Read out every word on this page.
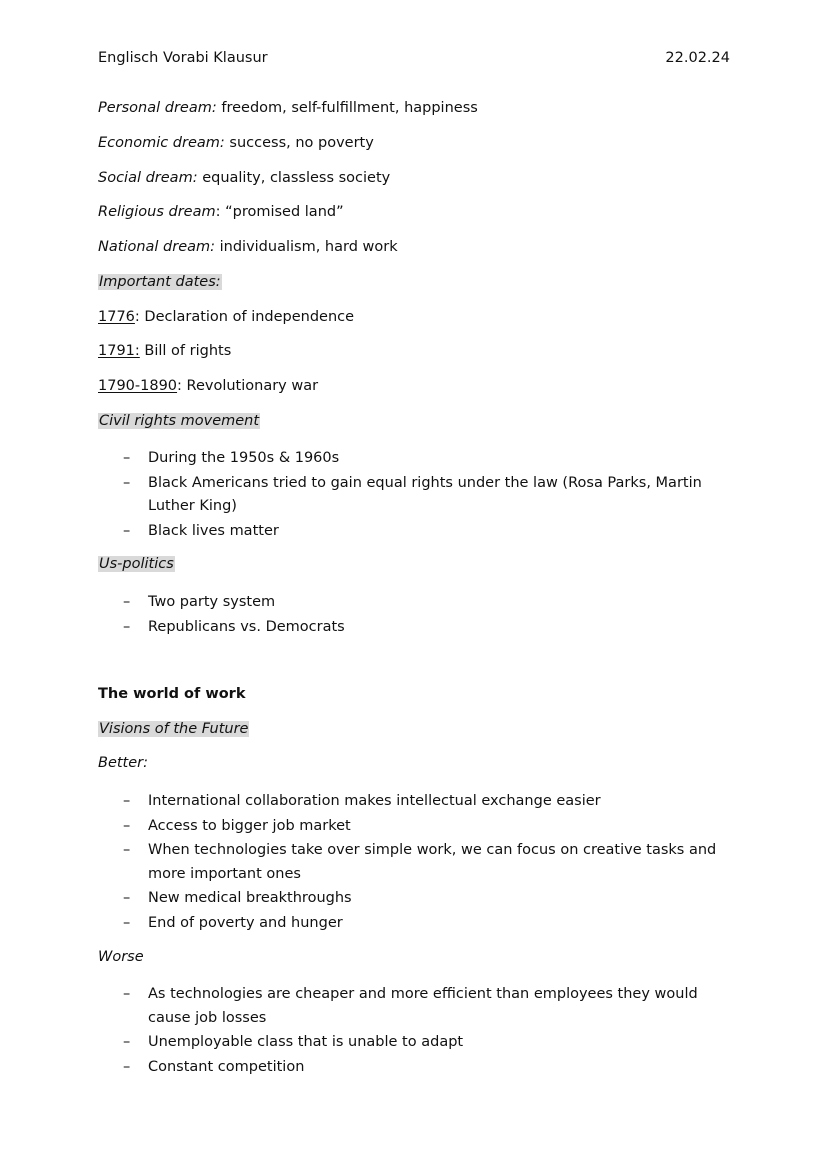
Englisch Vorabi Klausur	22.02.24
Personal dream: freedom, self-fulfillment, happiness
Economic dream: success, no poverty
Social dream: equality, classless society
Religious dream: “promised land”
National dream: individualism, hard work
Important dates:
1776: Declaration of independence
1791: Bill of rights
1790-1890: Revolutionary war
Civil rights movement
– During the 1950s & 1960s
– Black Americans tried to gain equal rights under the law (Rosa Parks, Martin Luther King)
– Black lives matter
Us-politics
– Two party system
– Republicans vs. Democrats
The world of work
Visions of the Future
Better:
– International collaboration makes intellectual exchange easier
– Access to bigger job market
– When technologies take over simple work, we can focus on creative tasks and more important ones
– New medical breakthroughs
– End of poverty and hunger
Worse
– As technologies are cheaper and more efficient than employees they would cause job losses
– Unemployable class that is unable to adapt
– Constant competition
